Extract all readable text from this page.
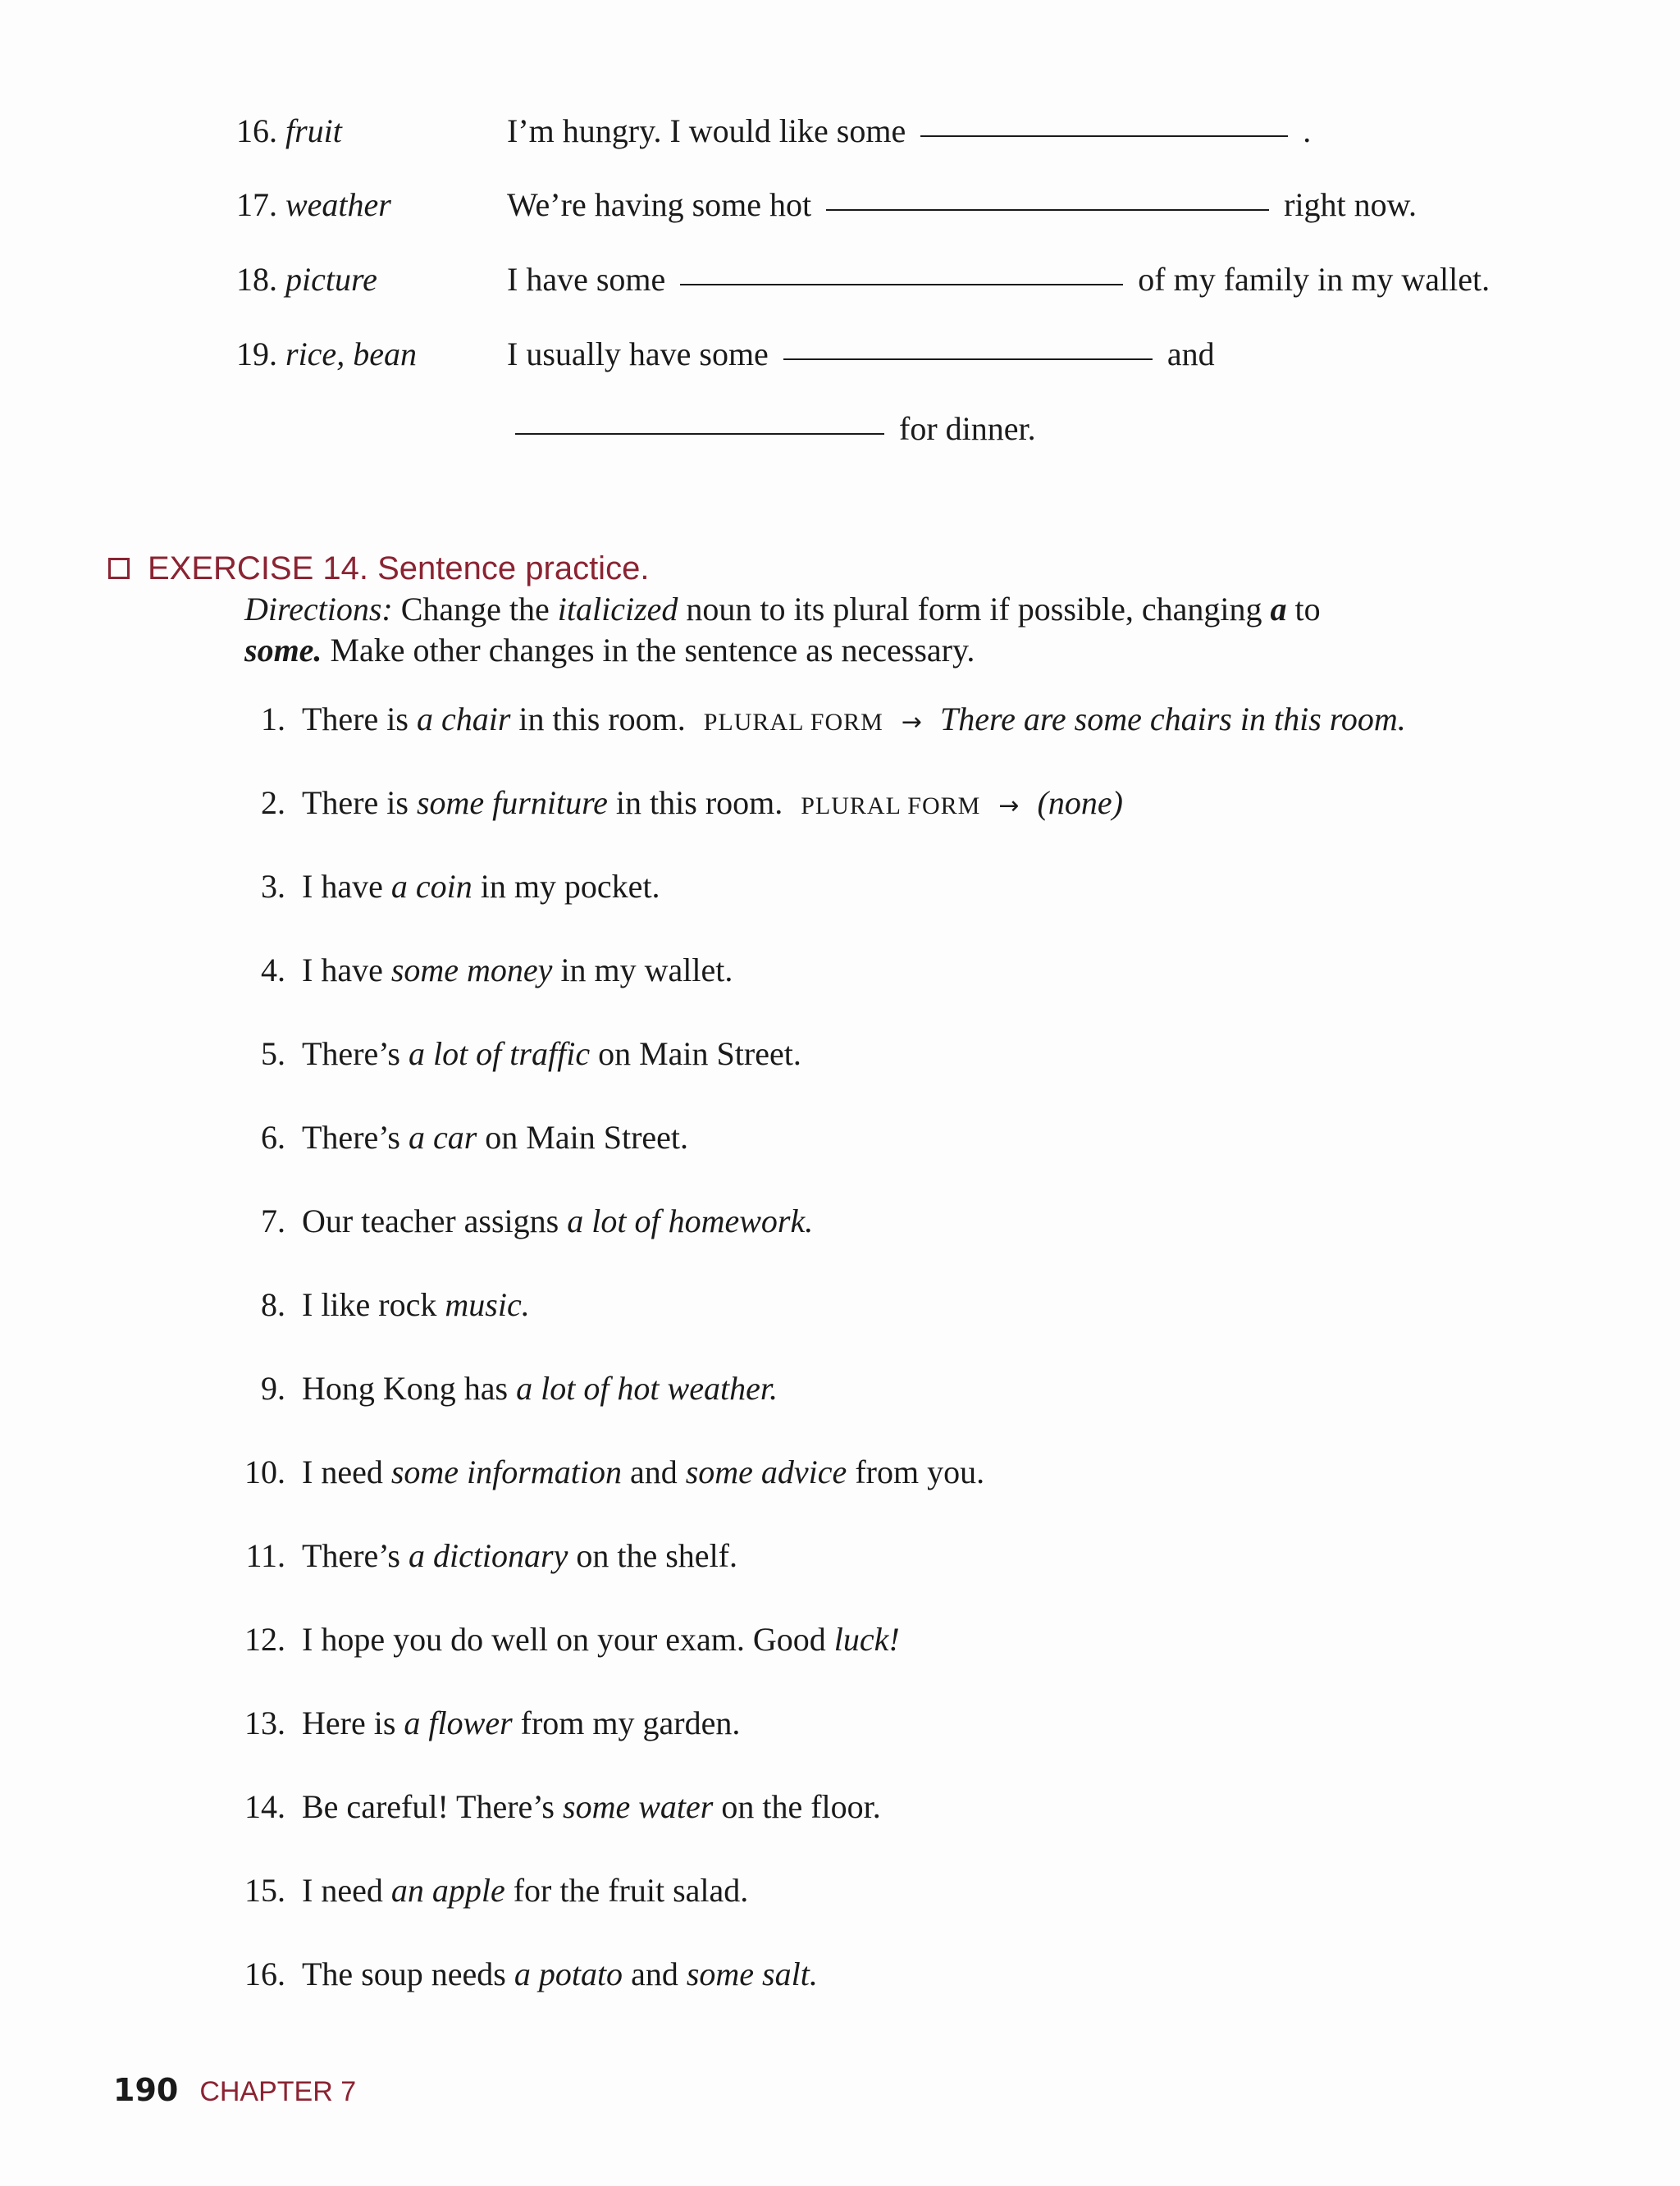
16. fruit	I’m hungry. I would like some	.
17. weather	We’re having some hot	right now.
18. picture	I have some	of my family in my wallet.
19. rice, bean	I usually have some	and
for dinner.
EXERCISE 14. Sentence practice.
Directions: Change the italicized noun to its plural form if possible, changing a to
some. Make other changes in the sentence as necessary.
1. There is a chair in this room. PLURAL FORM → There are some chairs in this room.
2. There is some furniture in this room. PLURAL FORM → (none)
3. I have a coin in my pocket.
4. I have some money in my wallet.
5. There’s a lot of traffic on Main Street.
6. There’s a car on Main Street.
7. Our teacher assigns a lot of homework.
8. I like rock music.
9. Hong Kong has a lot of hot weather.
10. I need some information and some advice from you.
11. There’s a dictionary on the shelf.
12. I hope you do well on your exam. Good luck!
13. Here is a flower from my garden.
14. Be careful! There’s some water on the floor.
15. I need an apple for the fruit salad.
16. The soup needs a potato and some salt.
190 CHAPTER 7
